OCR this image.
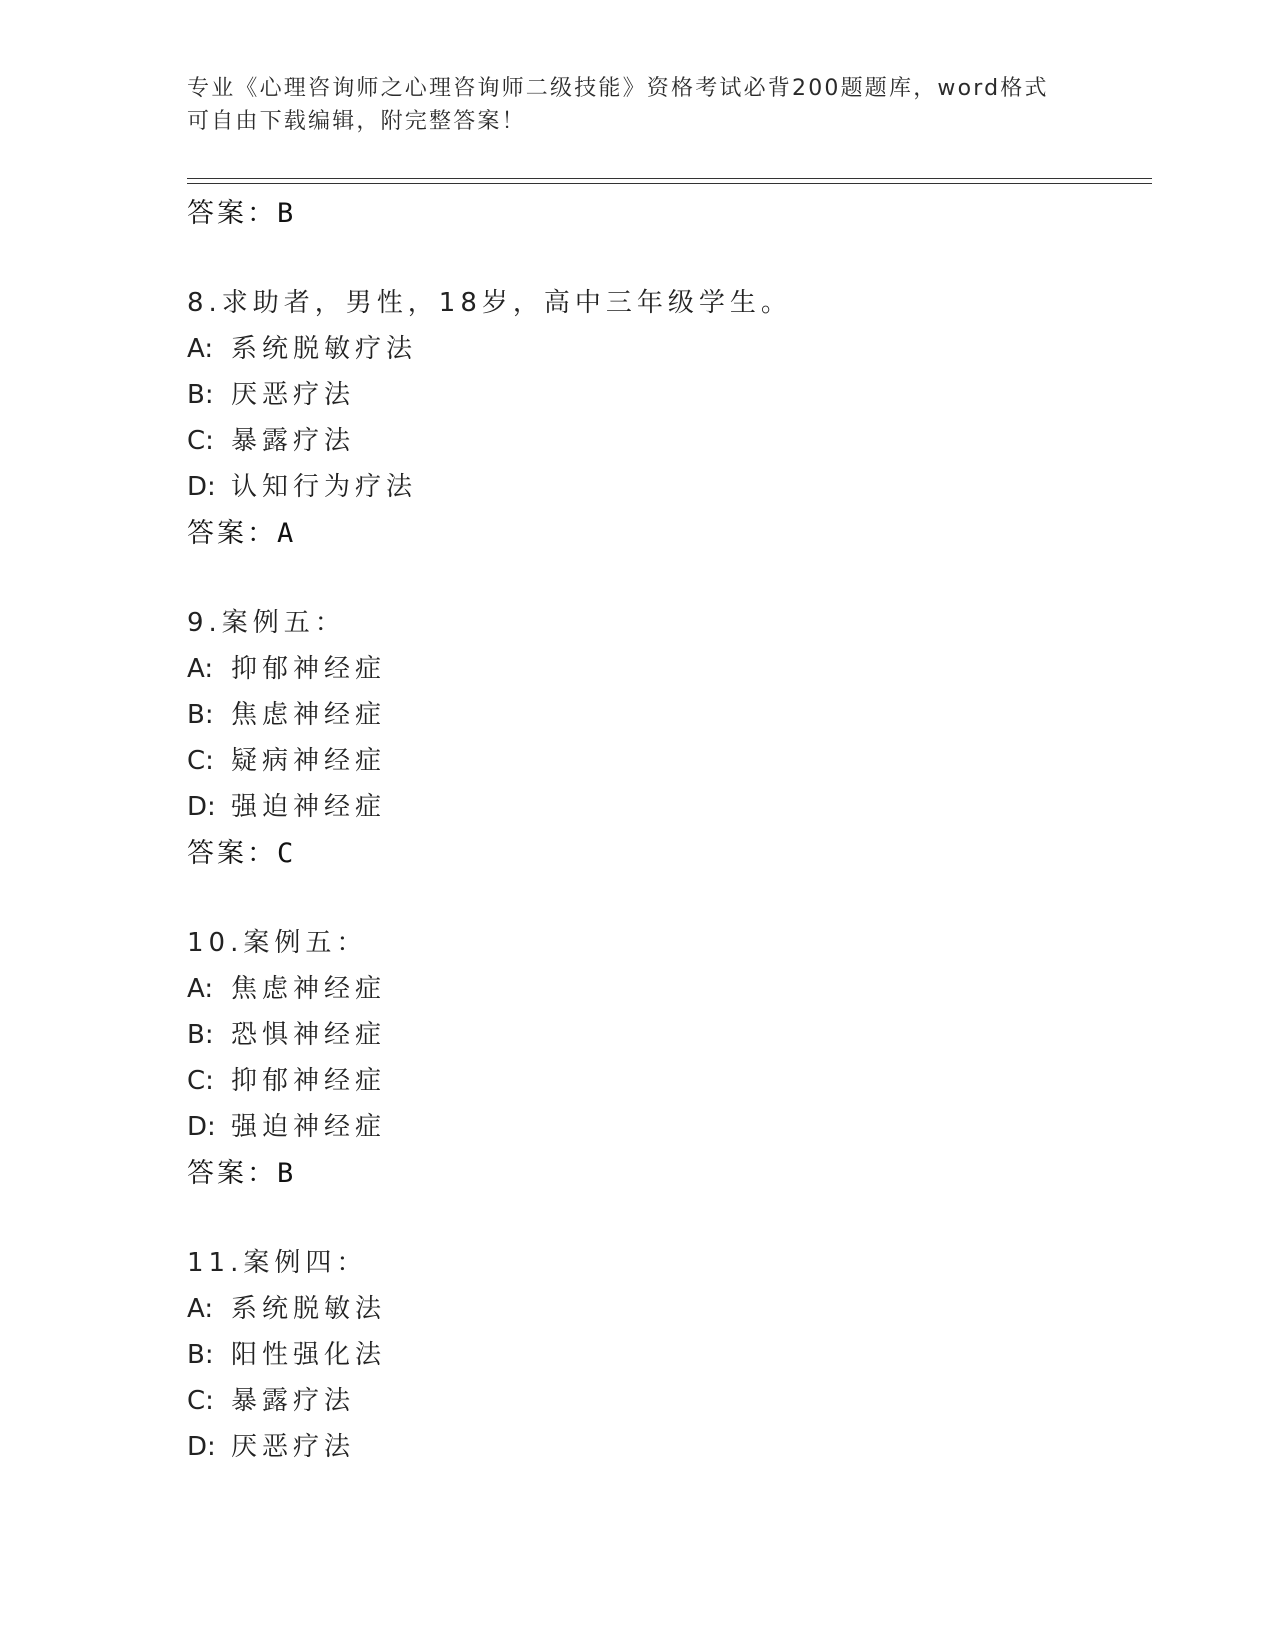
专业《心理咨询师之心理咨询师二级技能》资格考试必背200题题库，word格式
可自由下载编辑，附完整答案！
答案：B
8.求助者，男性，18岁，高中三年级学生。
A: 系统脱敏疗法
B: 厌恶疗法
C: 暴露疗法
D: 认知行为疗法
答案：A
9.案例五：
A: 抑郁神经症
B: 焦虑神经症
C: 疑病神经症
D: 强迫神经症
答案：C
10.案例五：
A: 焦虑神经症
B: 恐惧神经症
C: 抑郁神经症
D: 强迫神经症
答案：B
11.案例四：
A: 系统脱敏法
B: 阳性强化法
C: 暴露疗法
D: 厌恶疗法
